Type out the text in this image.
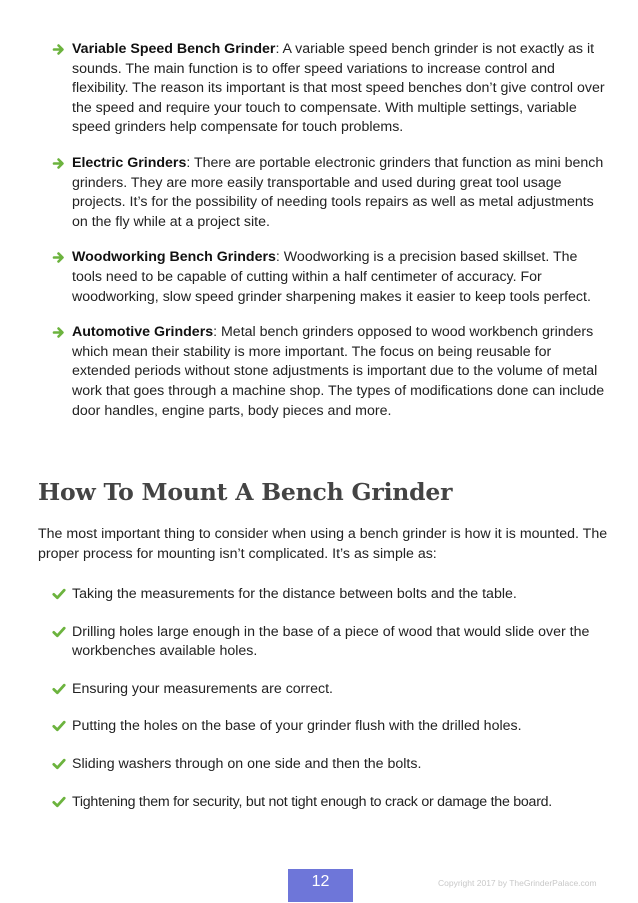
Variable Speed Bench Grinder: A variable speed bench grinder is not exactly as it sounds. The main function is to offer speed variations to increase control and flexibility. The reason its important is that most speed benches don’t give control over the speed and require your touch to compensate. With multiple settings, variable speed grinders help compensate for touch problems.
Electric Grinders: There are portable electronic grinders that function as mini bench grinders. They are more easily transportable and used during great tool usage projects. It’s for the possibility of needing tools repairs as well as metal adjustments on the fly while at a project site.
Woodworking Bench Grinders: Woodworking is a precision based skillset. The tools need to be capable of cutting within a half centimeter of accuracy. For woodworking, slow speed grinder sharpening makes it easier to keep tools perfect.
Automotive Grinders: Metal bench grinders opposed to wood workbench grinders which mean their stability is more important. The focus on being reusable for extended periods without stone adjustments is important due to the volume of metal work that goes through a machine shop. The types of modifications done can include door handles, engine parts, body pieces and more.
How To Mount A Bench Grinder

The most important thing to consider when using a bench grinder is how it is mounted. The proper process for mounting isn’t complicated. It’s as simple as:

Taking the measurements for the distance between bolts and the table.
Drilling holes large enough in the base of a piece of wood that would slide over the workbenches available holes.
Ensuring your measurements are correct.
Putting the holes on the base of your grinder flush with the drilled holes.
Sliding washers through on one side and then the bolts.
Tightening them for security, but not tight enough to crack or damage the board.
12	Copyright 2017 by TheGrinderPalace.com
